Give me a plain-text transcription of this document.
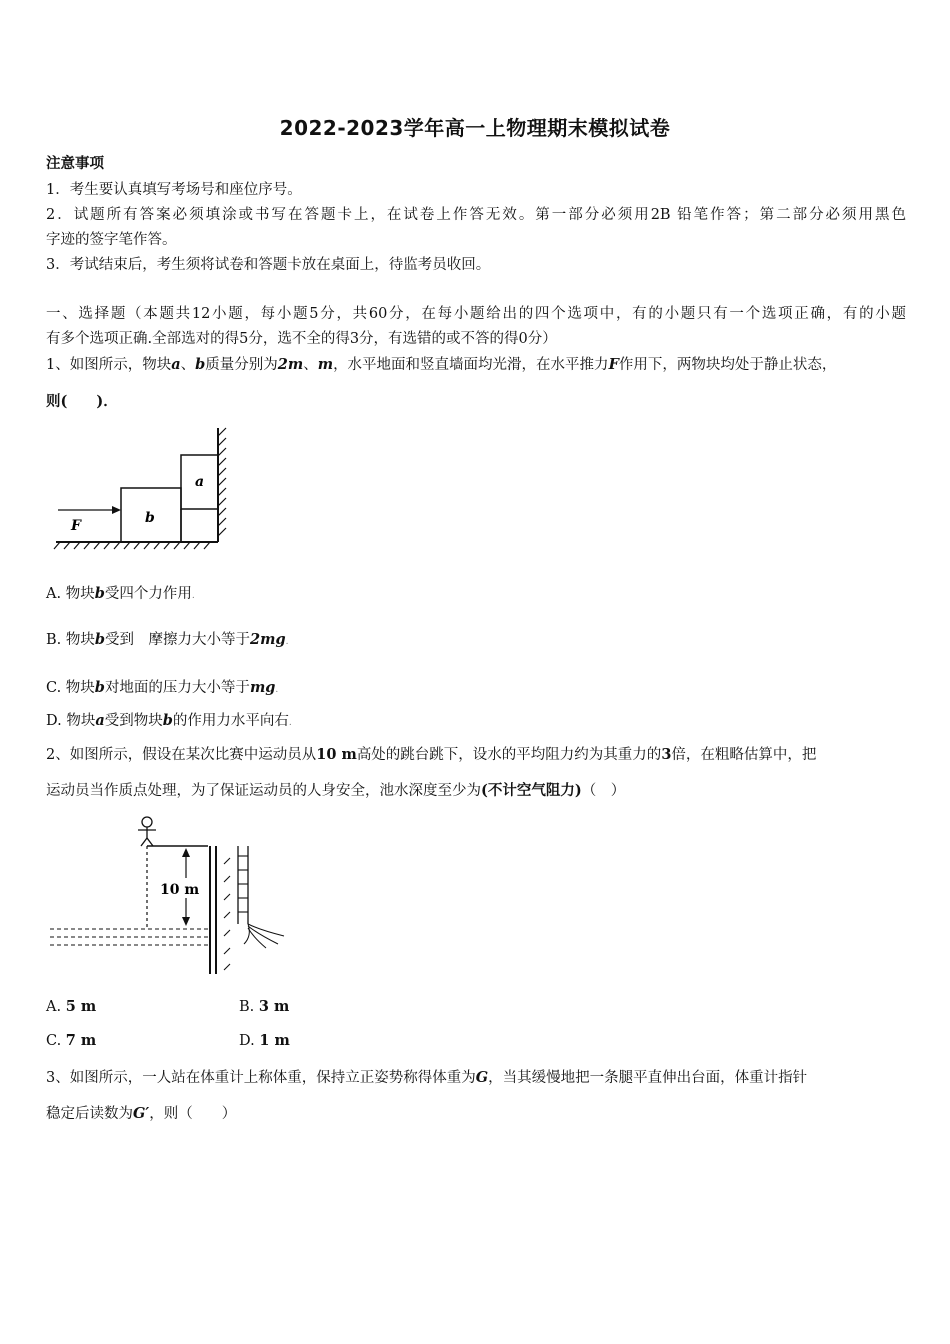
2022-2023学年高一上物理期末模拟试卷
注意事项
1．考生要认真填写考场号和座位序号。
2．试题所有答案必须填涂或书写在答题卡上，在试卷上作答无效。第一部分必须用2B 铅笔作答；第二部分必须用黑色
字迹的签字笔作答。
3．考试结束后，考生须将试卷和答题卡放在桌面上，待监考员收回。
一、选择题（本题共12小题，每小题5分，共60分，在每小题给出的四个选项中，有的小题只有一个选项正确，有的小题
有多个选项正确.全部选对的得5分，选不全的得3分，有选错的或不答的得0分）
1、如图所示，物块a、b质量分别为2m、m，水平地面和竖直墙面均光滑，在水平推力F作用下，两物块均处于静止状态，
则(　　)．
F	b
a
A. 物块b受四个力作用.
B. 物块b受到　摩擦力大小等于2mg.
C. 物块b对地面的压力大小等于mg.
D. 物块a受到物块b的作用力水平向右.
2、如图所示，假设在某次比赛中运动员从10 m高处的跳台跳下，设水的平均阻力约为其重力的3倍，在粗略估算中，把
运动员当作质点处理，为了保证运动员的人身安全，池水深度至少为(不计空气阻力)（　）
10 m
A. 5 m	B. 3 m
C. 7 m	D. 1 m
3、如图所示，一人站在体重计上称体重，保持立正姿势称得体重为G，当其缓慢地把一条腿平直伸出台面，体重计指针
稳定后读数为G′，则（　　）
